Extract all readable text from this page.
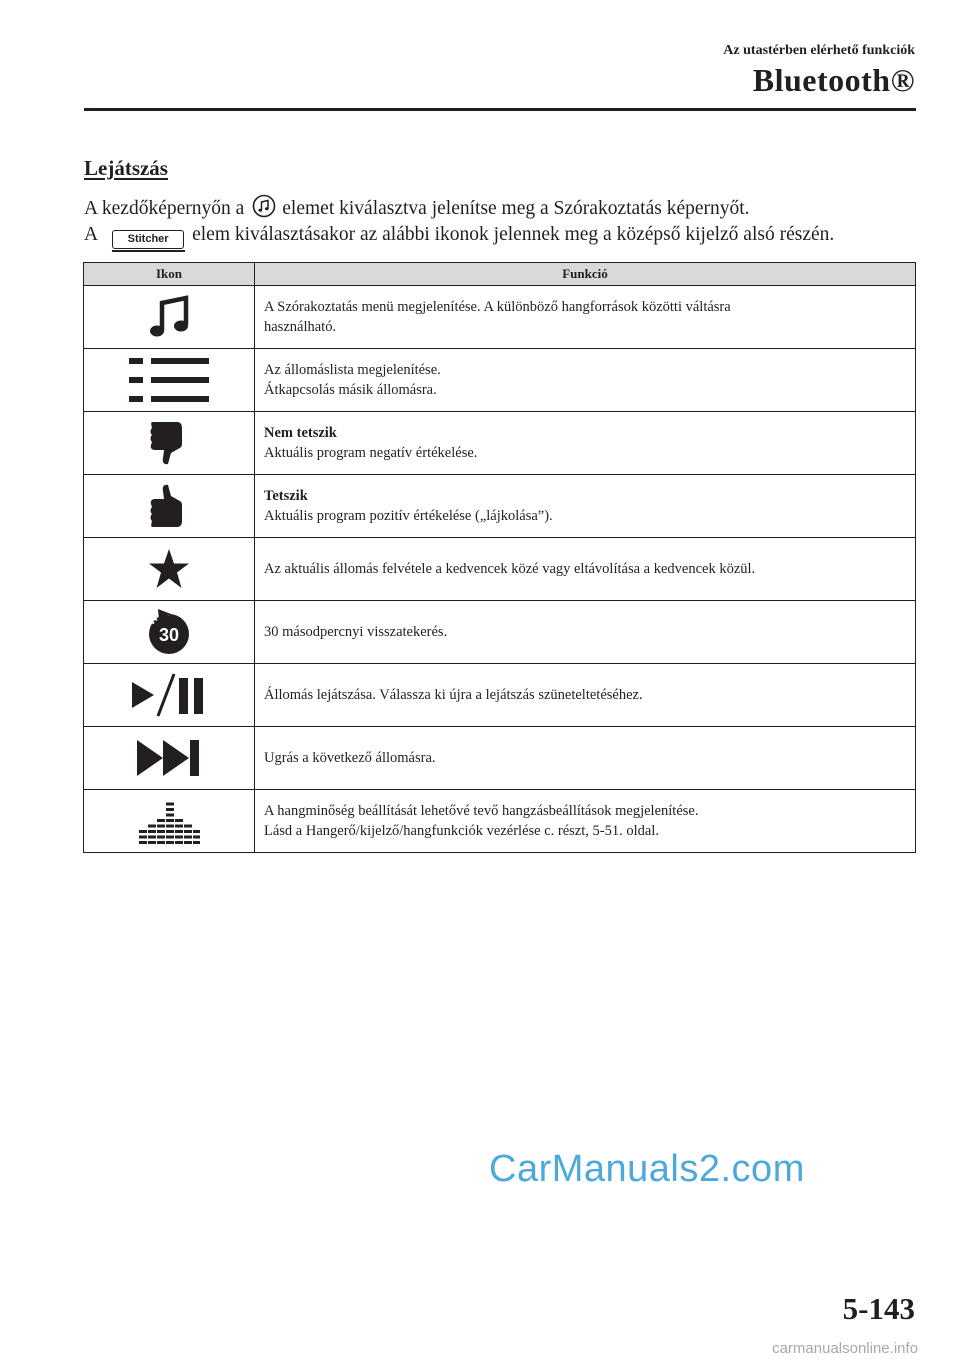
Az utastérben elérhető funkciók
Bluetooth®
Lejátszás
A kezdőképernyőn a elemet kiválasztva jelenítse meg a Szórakoztatás képernyőt.
A	Stitcher elem kiválasztásakor az alábbi ikonok jelennek meg a középső kijelző alsó részén.
Ikon	Funkció

A Szórakoztatás menü megjelenítése. A különböző hangforrások közötti váltásra
használható.

Az állomáslista megjelenítése.
Átkapcsolás másik állomásra.

Nem tetszik
Aktuális program negatív értékelése.

Tetszik
Aktuális program pozitív értékelése („lájkolása”).

Az aktuális állomás felvétele a kedvencek közé vagy eltávolítása a kedvencek közül.

30	30 másodpercnyi visszatekerés.

Állomás lejátszása. Válassza ki újra a lejátszás szüneteltetéséhez.

Ugrás a következő állomásra.

A hangminőség beállítását lehetővé tevő hangzásbeállítások megjelenítése.
Lásd a Hangerő/kijelző/hangfunkciók vezérlése c. részt, 5-51. oldal.
CarManuals2.com
5-143
carmanualsonline.info
